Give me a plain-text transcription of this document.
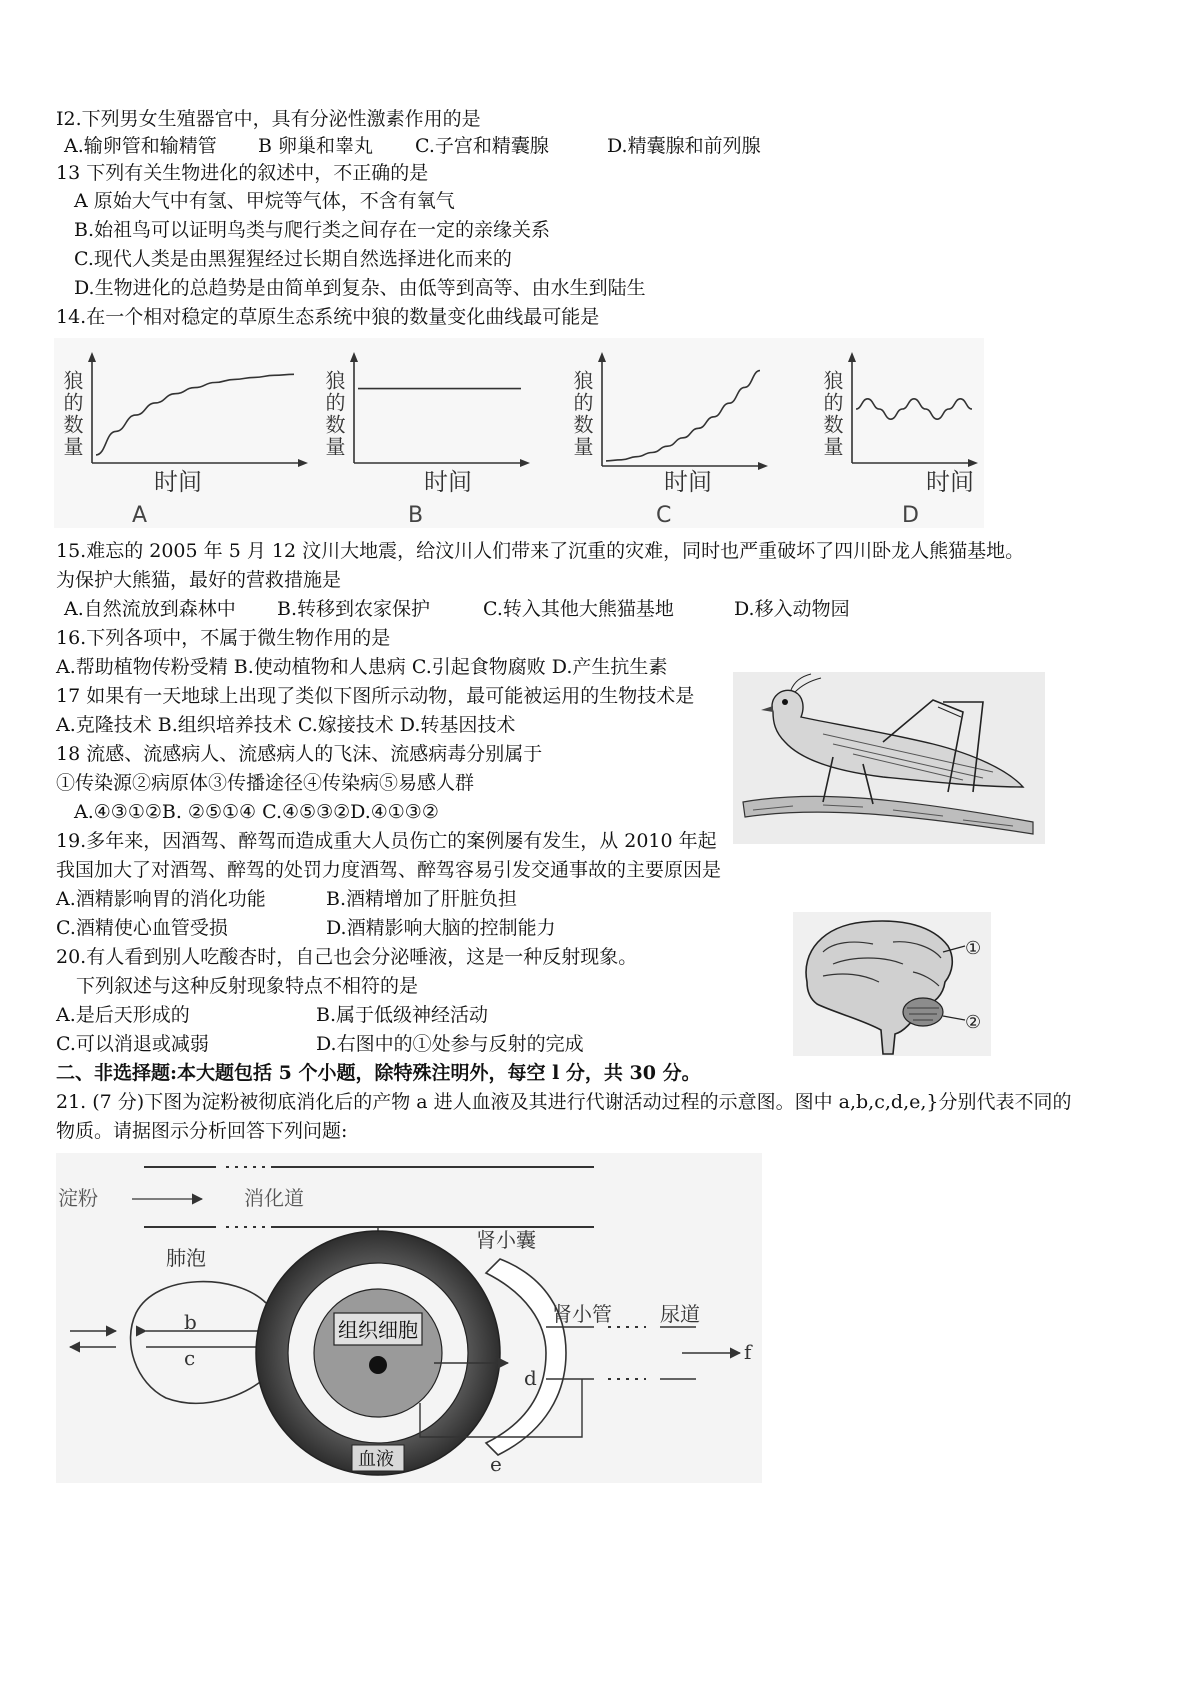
I2.下列男女生殖器官中，具有分泌性激素作用的是
A.输卵管和输精管 B 卵巢和睾丸 C.子宫和精囊腺	D.精囊腺和前列腺
13 下列有关生物进化的叙述中，不正确的是
A 原始大气中有氢、甲烷等气体，不含有氧气
B.始祖鸟可以证明鸟类与爬行类之间存在一定的亲缘关系
C.现代人类是由黑猩猩经过长期自然选择进化而来的
D.生物进化的总趋势是由简单到复杂、由低等到高等、由水生到陆生
14.在一个相对稳定的草原生态系统中狼的数量变化曲线最可能是
狼的数量
时间
A
狼的数量
时间
B
狼的数量
时间
C
狼的数量
时间
D
15.难忘的 2005 年 5 月 12 汶川大地震，给汶川人们带来了沉重的灾难，同时也严重破坏了四川卧龙人熊猫基地。
为保护大熊猫，最好的营救措施是
A.自然流放到森林中 B.转移到农家保护	C.转入其他大熊猫基地	D.移入动物园
16.下列各项中，不属于微生物作用的是
A.帮助植物传粉受精 B.使动植物和人患病 C.引起食物腐败 D.产生抗生素
17 如果有一天地球上出现了类似下图所示动物，最可能被运用的生物技术是
A.克隆技术 B.组织培养技术 C.嫁接技术 D.转基因技术
18 流感、流感病人、流感病人的飞沫、流感病毒分别属于
①传染源②病原体③传播途径④传染病⑤易感人群
A.④③①②B. ②⑤①④ C.④⑤③②D.④①③②
19.多年来，因酒驾、醉驾而造成重大人员伤亡的案例屡有发生，从 2010 年起
我国加大了对酒驾、醉驾的处罚力度酒驾、醉驾容易引发交通事故的主要原因是
A.酒精影响胃的消化功能	B.酒精增加了肝脏负担
C.酒精使心血管受损	D.酒精影响大脑的控制能力
①
②
20.有人看到别人吃酸杏时，自己也会分泌唾液，这是一种反射现象。
下列叙述与这种反射现象特点不相符的是
A.是后天形成的	B.属于低级神经活动
C.可以消退或减弱	D.右图中的①处参与反射的完成
二、非选择题:本大题包括 5 个小题，除特殊注明外，每空 l 分，共 30 分。
21. (7 分)下图为淀粉被彻底消化后的产物 a 进人血液及其进行代谢活动过程的示意图。图中 a,b,c,d,e,}分别代表不同的
物质。请据图示分析回答下列问题:
淀粉	消化道
肺泡
b
c
组织细胞
血液
肾小囊
肾小管 尿道
f
d
e
